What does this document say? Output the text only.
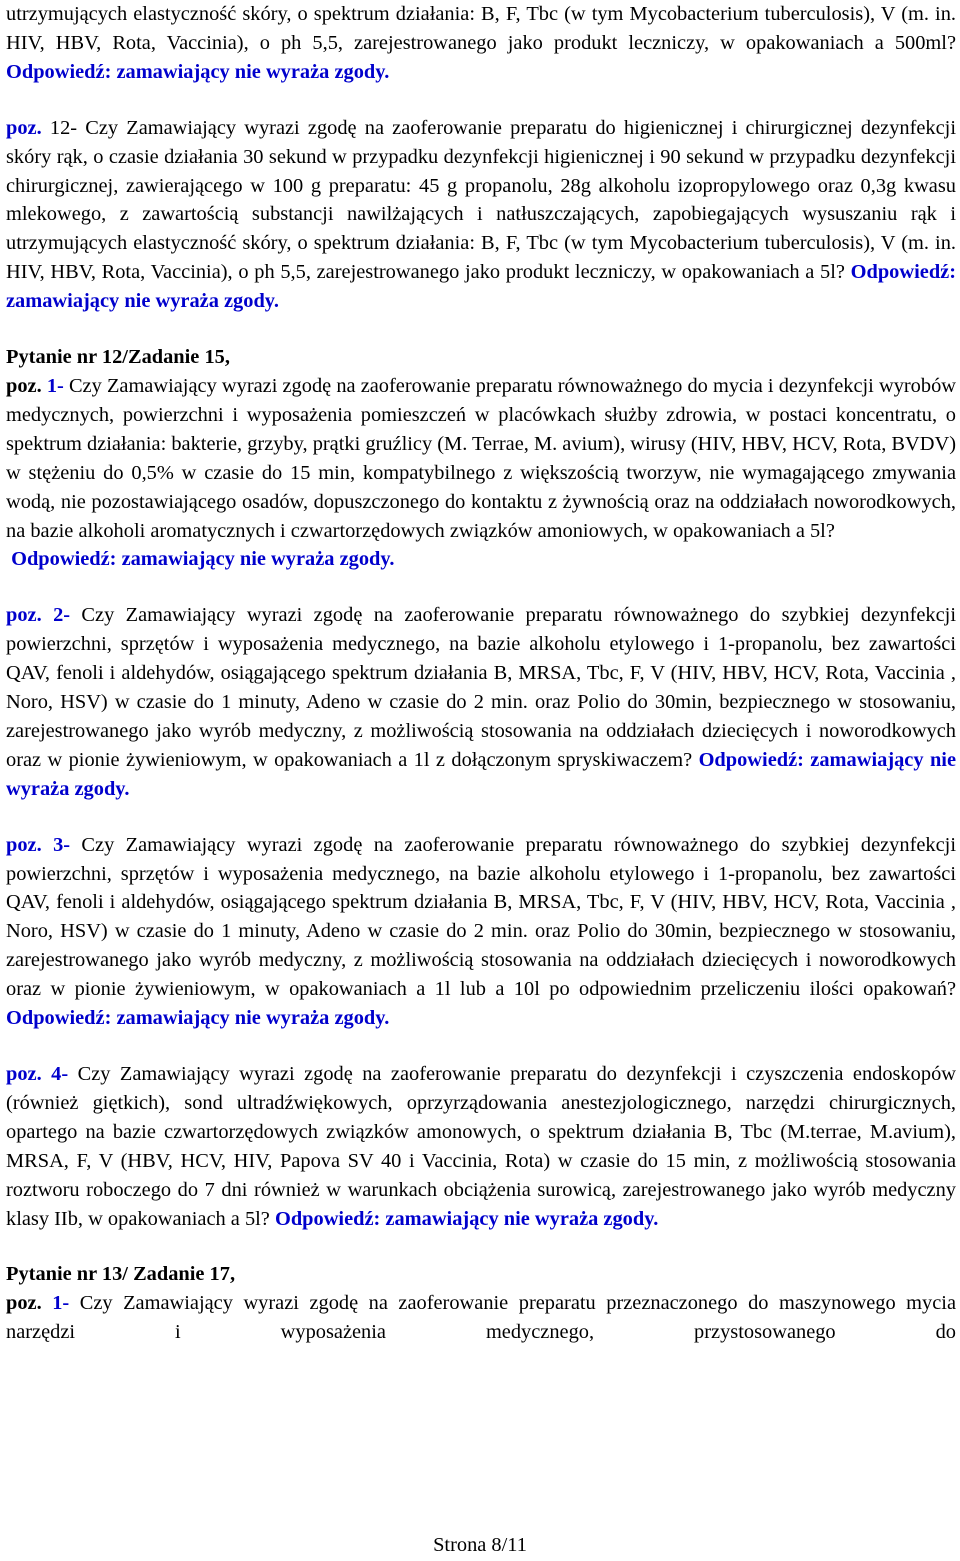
utrzymujących elastyczność skóry, o spektrum działania: B, F, Tbc (w tym Mycobacterium tuberculosis), V (m. in. HIV, HBV, Rota, Vaccinia), o ph 5,5, zarejestrowanego jako produkt leczniczy, w opakowaniach a 500ml? Odpowiedź: zamawiający nie wyraża zgody.

poz. 12- Czy Zamawiający wyrazi zgodę na zaoferowanie preparatu do higienicznej i chirurgicznej dezynfekcji skóry rąk, o czasie działania 30 sekund w przypadku dezynfekcji higienicznej i 90 sekund w przypadku dezynfekcji chirurgicznej, zawierającego w 100 g preparatu: 45 g propanolu, 28g alkoholu izopropylowego oraz 0,3g kwasu mlekowego, z zawartością substancji nawilżających i natłuszczających, zapobiegających wysuszaniu rąk i utrzymujących elastyczność skóry, o spektrum działania: B, F, Tbc (w tym Mycobacterium tuberculosis), V (m. in. HIV, HBV, Rota, Vaccinia), o ph 5,5, zarejestrowanego jako produkt leczniczy, w opakowaniach a 5l? Odpowiedź: zamawiający nie wyraża zgody.

Pytanie nr 12/Zadanie 15,

poz. 1- Czy Zamawiający wyrazi zgodę na zaoferowanie preparatu równoważnego do mycia i dezynfekcji wyrobów medycznych, powierzchni i wyposażenia pomieszczeń w placówkach służby zdrowia, w postaci koncentratu, o spektrum działania: bakterie, grzyby, prątki gruźlicy (M. Terrae, M. avium), wirusy (HIV, HBV, HCV, Rota, BVDV) w stężeniu do 0,5% w czasie do 15 min, kompatybilnego z większością tworzyw, nie wymagającego zmywania wodą, nie pozostawiającego osadów, dopuszczonego do kontaktu z żywnością oraz na oddziałach noworodkowych, na bazie alkoholi aromatycznych i czwartorzędowych związków amoniowych, w opakowaniach a 5l?

Odpowiedź: zamawiający nie wyraża zgody.

poz. 2- Czy Zamawiający wyrazi zgodę na zaoferowanie preparatu równoważnego do szybkiej dezynfekcji powierzchni, sprzętów i wyposażenia medycznego, na bazie alkoholu etylowego i 1-propanolu, bez zawartości QAV, fenoli i aldehydów, osiągającego spektrum działania B, MRSA, Tbc, F, V (HIV, HBV, HCV, Rota, Vaccinia , Noro, HSV) w czasie do 1 minuty, Adeno w czasie do 2 min. oraz Polio do 30min, bezpiecznego w stosowaniu, zarejestrowanego jako wyrób medyczny, z możliwością stosowania na oddziałach dziecięcych i noworodkowych oraz w pionie żywieniowym, w opakowaniach a 1l z dołączonym spryskiwaczem? Odpowiedź: zamawiający nie wyraża zgody.

poz. 3- Czy Zamawiający wyrazi zgodę na zaoferowanie preparatu równoważnego do szybkiej dezynfekcji powierzchni, sprzętów i wyposażenia medycznego, na bazie alkoholu etylowego i 1-propanolu, bez zawartości QAV, fenoli i aldehydów, osiągającego spektrum działania B, MRSA, Tbc, F, V (HIV, HBV, HCV, Rota, Vaccinia , Noro, HSV) w czasie do 1 minuty, Adeno w czasie do 2 min. oraz Polio do 30min, bezpiecznego w stosowaniu, zarejestrowanego jako wyrób medyczny, z możliwością stosowania na oddziałach dziecięcych i noworodkowych oraz w pionie żywieniowym, w opakowaniach a 1l lub a 10l po odpowiednim przeliczeniu ilości opakowań? Odpowiedź: zamawiający nie wyraża zgody.

poz. 4- Czy Zamawiający wyrazi zgodę na zaoferowanie preparatu do dezynfekcji i czyszczenia endoskopów (również giętkich), sond ultradźwiękowych, oprzyrządowania anestezjologicznego, narzędzi chirurgicznych, opartego na bazie czwartorzędowych związków amonowych, o spektrum działania B, Tbc (M.terrae, M.avium), MRSA, F, V (HBV, HCV, HIV, Papova SV 40 i Vaccinia, Rota) w czasie do 15 min, z możliwością stosowania roztworu roboczego do 7 dni również w warunkach obciążenia surowicą, zarejestrowanego jako wyrób medyczny klasy IIb, w opakowaniach a 5l? Odpowiedź: zamawiający nie wyraża zgody.

Pytanie nr 13/ Zadanie 17,

poz. 1- Czy Zamawiający wyrazi zgodę na zaoferowanie preparatu przeznaczonego do maszynowego mycia narzędzi i wyposażenia medycznego, przystosowanego do

Strona 8/11
